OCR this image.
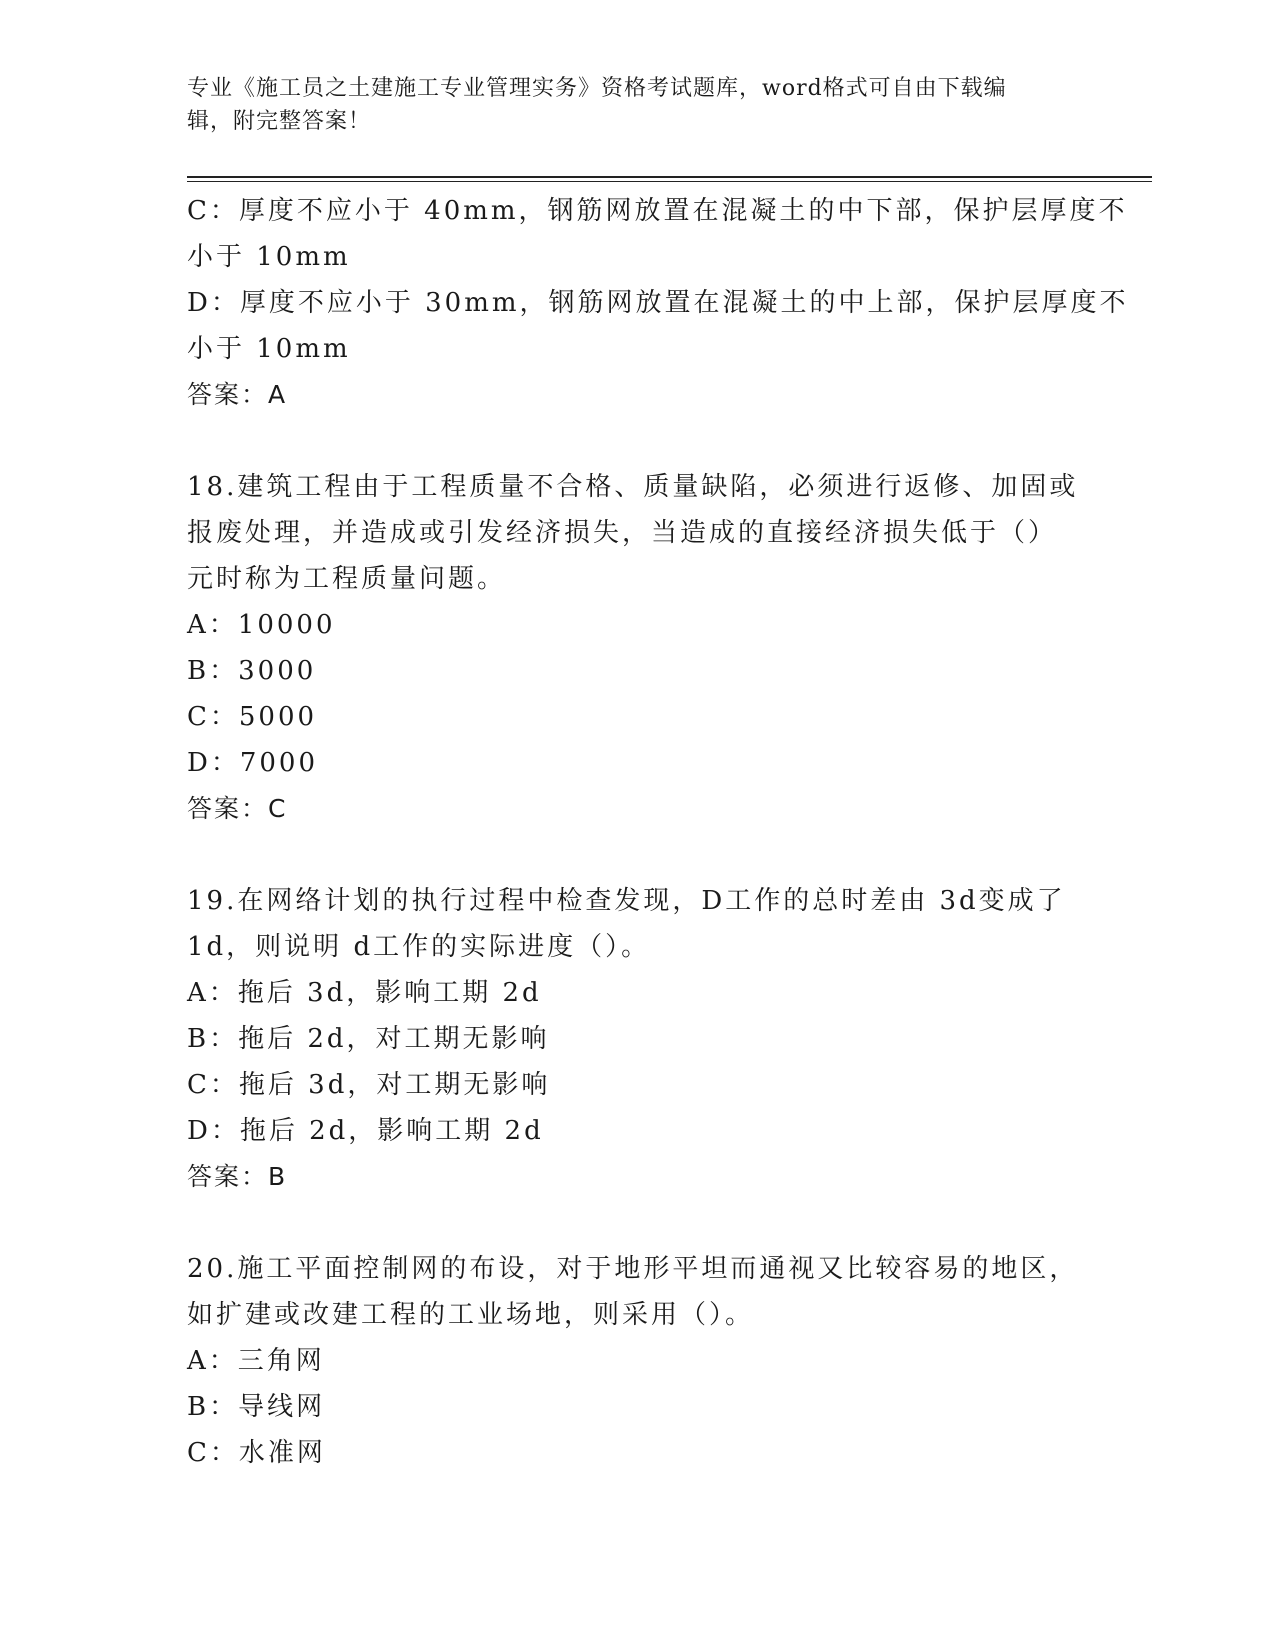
专业《施工员之土建施工专业管理实务》资格考试题库，word格式可自由下载编
辑，附完整答案！
C：厚度不应小于 40mm，钢筋网放置在混凝土的中下部，保护层厚度不
小于 10mm
D：厚度不应小于 30mm，钢筋网放置在混凝土的中上部，保护层厚度不
小于 10mm
答案：A
18.建筑工程由于工程质量不合格、质量缺陷，必须进行返修、加固或
报废处理，并造成或引发经济损失，当造成的直接经济损失低于（）
元时称为工程质量问题。
A：10000
B：3000
C：5000
D：7000
答案：C
19.在网络计划的执行过程中检查发现，D工作的总时差由 3d变成了
1d，则说明 d工作的实际进度（）。
A：拖后 3d，影响工期 2d
B：拖后 2d，对工期无影响
C：拖后 3d，对工期无影响
D：拖后 2d，影响工期 2d
答案：B
20.施工平面控制网的布设，对于地形平坦而通视又比较容易的地区，
如扩建或改建工程的工业场地，则采用（）。
A：三角网
B：导线网
C：水准网
